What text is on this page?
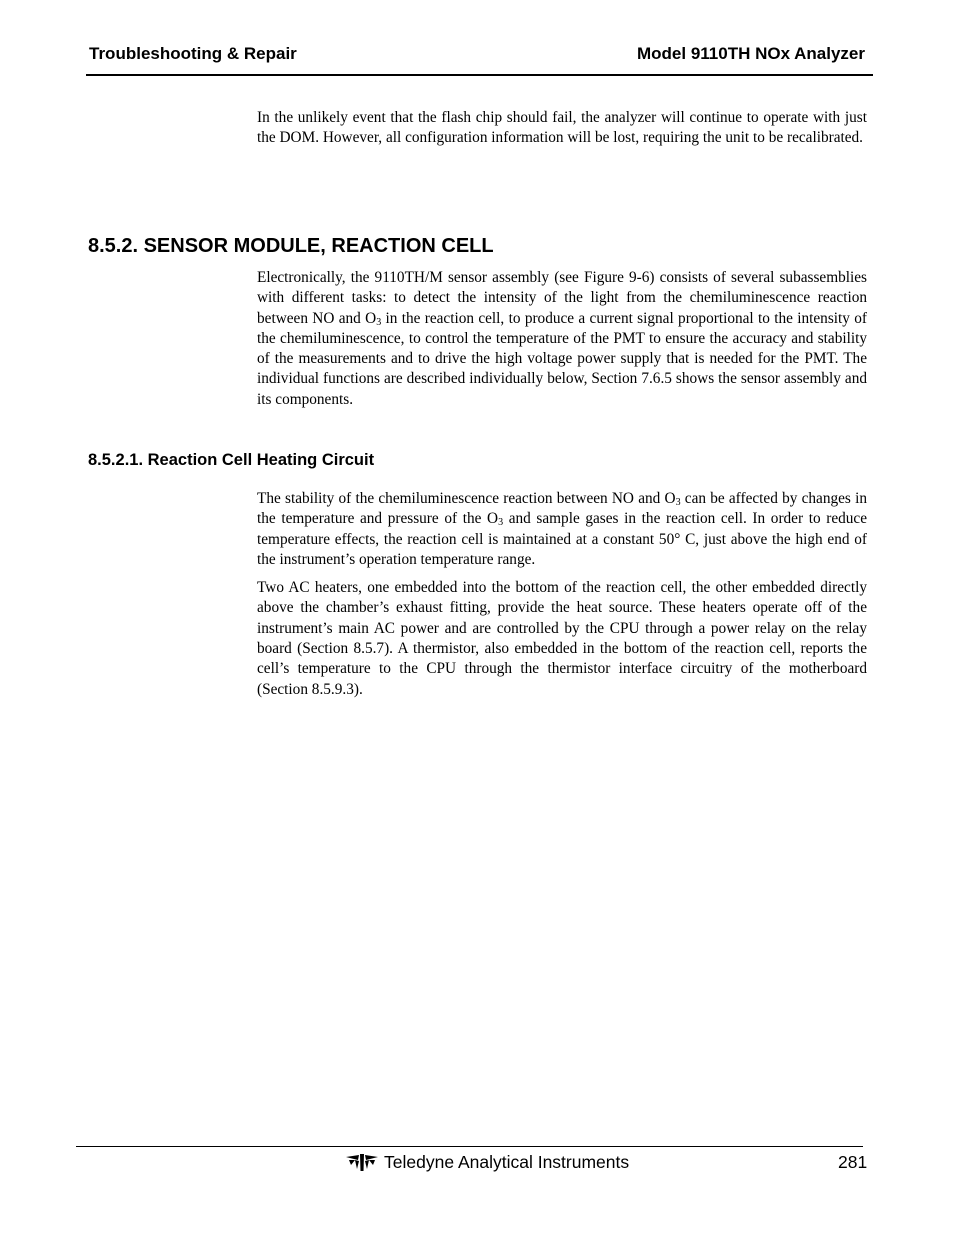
Troubleshooting & Repair	Model 9110TH NOx Analyzer

In the unlikely event that the flash chip should fail, the analyzer will continue to operate with just the DOM. However, all configuration information will be lost, requiring the unit to be recalibrated.

8.5.2. SENSOR MODULE, REACTION CELL

Electronically, the 9110TH/M sensor assembly (see Figure 9-6) consists of several subassemblies with different tasks: to detect the intensity of the light from the chemiluminescence reaction between NO and $O_3$ in the reaction cell, to produce a current signal proportional to the intensity of the chemiluminescence, to control the temperature of the PMT to ensure the accuracy and stability of the measurements and to drive the high voltage power supply that is needed for the PMT. The individual functions are described individually below, Section 7.6.5 shows the sensor assembly and its components.

8.5.2.1. Reaction Cell Heating Circuit

The stability of the chemiluminescence reaction between NO and $O_3$ can be affected by changes in the temperature and pressure of the $O_3$ and sample gases in the reaction cell. In order to reduce temperature effects, the reaction cell is maintained at a constant 50° C, just above the high end of the instrument’s operation temperature range.

Two AC heaters, one embedded into the bottom of the reaction cell, the other embedded directly above the chamber’s exhaust fitting, provide the heat source. These heaters operate off of the instrument’s main AC power and are controlled by the CPU through a power relay on the relay board (Section 8.5.7). A thermistor, also embedded in the bottom of the reaction cell, reports the cell’s temperature to the CPU through the thermistor interface circuitry of the motherboard (Section 8.5.9.3).

Teledyne Analytical Instruments	281
